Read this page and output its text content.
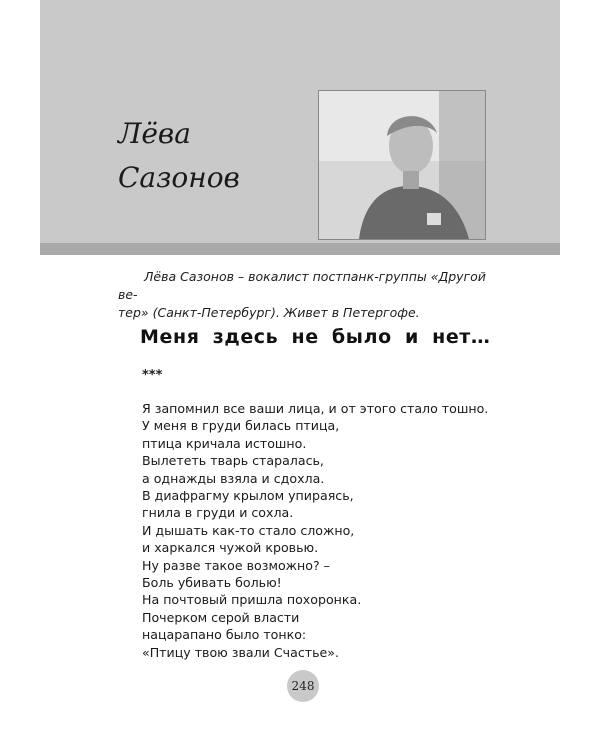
Лёва
Сазонов
Лёва Сазонов – вокалист постпанк-группы «Другой ве-
тер» (Санкт-Петербург). Живет в Петергофе.
Меня здесь не было и нет…
***
Я запомнил все ваши лица, и от этого стало тошно.
У меня в груди билась птица,
птица кричала истошно.
Вылететь тварь старалась,
а однажды взяла и сдохла.
В диафрагму крылом упираясь,
гнила в груди и сохла.
И дышать как-то стало сложно,
и харкался чужой кровью.
Ну разве такое возможно? –
Боль убивать болью!
На почтовый пришла похоронка.
Почерком серой власти
нацарапано было тонко:
«Птицу твою звали Счастье».
248
